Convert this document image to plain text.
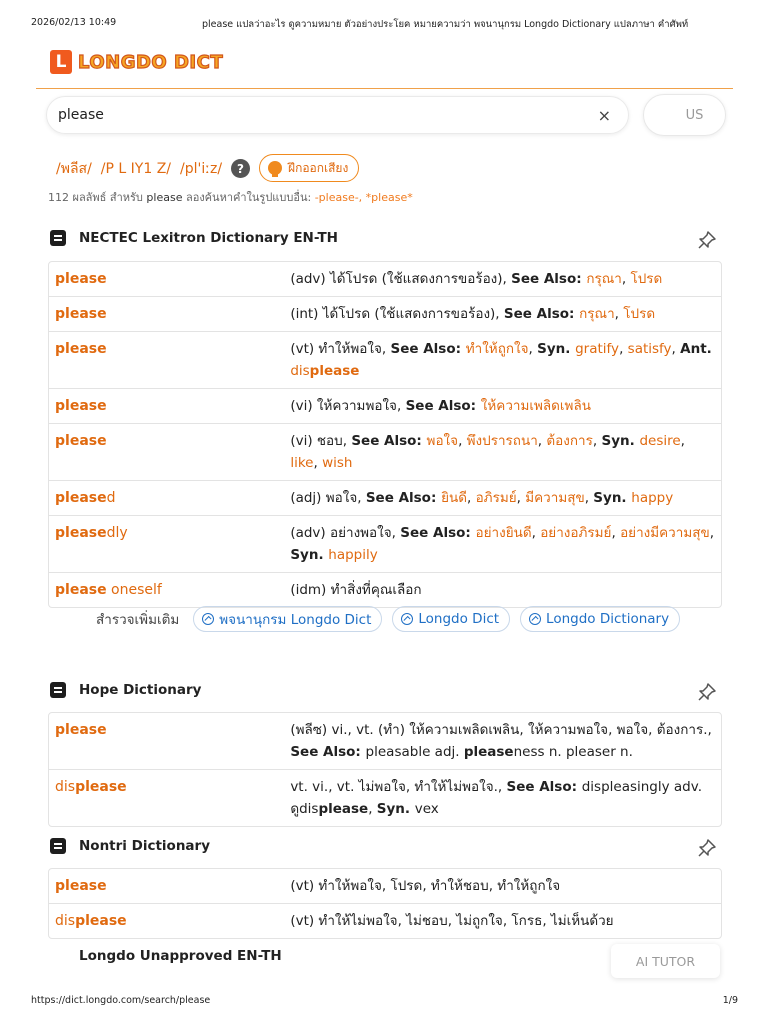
2026/02/13 10:49	please แปลว่าอะไร ดูความหมาย ตัวอย่างประโยค หมายความว่า พจนานุกรม Longdo Dictionary แปลภาษา คำศัพท์
https://dict.longdo.com/search/please	1/9
L LONGDO DICT
please
×	US
/พลีส/ /P L IY1 Z/ /pl'iːz/	?	ฝึกออกเสียง
112 ผลลัพธ์ สำหรับ please ลองค้นหาคำในรูปแบบอื่น: -please-, *please*
NECTEC Lexitron Dictionary EN-TH
please	(adv) ได้โปรด (ใช้แสดงการขอร้อง), See Also: กรุณา, โปรด
please	(int) ได้โปรด (ใช้แสดงการขอร้อง), See Also: กรุณา, โปรด
please	(vt) ทำให้พอใจ, See Also: ทำให้ถูกใจ, Syn. gratify, satisfy, Ant. displease
please	(vi) ให้ความพอใจ, See Also: ให้ความเพลิดเพลิน
please	(vi) ชอบ, See Also: พอใจ, พึงปรารถนา, ต้องการ, Syn. desire, like, wish
pleased	(adj) พอใจ, See Also: ยินดี, อภิรมย์, มีความสุข, Syn. happy
pleasedly	(adv) อย่างพอใจ, See Also: อย่างยินดี, อย่างอภิรมย์, อย่างมีความสุข, Syn. happily
please oneself	(idm) ทำสิ่งที่คุณเลือก
สำรวจเพิ่มเติม	พจนานุกรม Longdo Dict	Longdo Dict	Longdo Dictionary
Hope Dictionary
please	(พลีซ) vi., vt. (ทำ) ให้ความเพลิดเพลิน, ให้ความพอใจ, พอใจ, ต้องการ., See Also: pleasable adj. pleaseness n. pleaser n.
displease	vt. vi., vt. ไม่พอใจ, ทำให้ไม่พอใจ., See Also: displeasingly adv. ดูdisplease, Syn. vex
Nontri Dictionary
please	(vt) ทำให้พอใจ, โปรด, ทำให้ชอบ, ทำให้ถูกใจ
displease	(vt) ทำให้ไม่พอใจ, ไม่ชอบ, ไม่ถูกใจ, โกรธ, ไม่เห็นด้วย
Longdo Unapproved EN-TH	AI TUTOR
